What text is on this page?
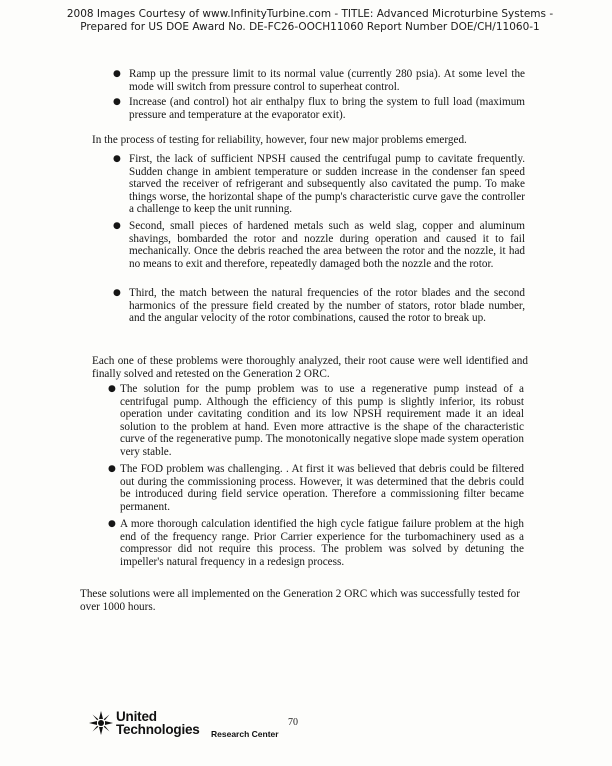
2008 Images Courtesy of www.InfinityTurbine.com - TITLE: Advanced Microturbine Systems -
Prepared for US DOE Award No. DE-FC26-OOCH11060 Report Number DOE/CH/11060-1
● Ramp up the pressure limit to its normal value (currently 280 psia). At some level the mode will switch from pressure control to superheat control.
● Increase (and control) hot air enthalpy flux to bring the system to full load (maximum pressure and temperature at the evaporator exit).
In the process of testing for reliability, however, four new major problems emerged.
● First, the lack of sufficient NPSH caused the centrifugal pump to cavitate frequently. Sudden change in ambient temperature or sudden increase in the condenser fan speed starved the receiver of refrigerant and subsequently also cavitated the pump. To make things worse, the horizontal shape of the pump's characteristic curve gave the controller a challenge to keep the unit running.
● Second, small pieces of hardened metals such as weld slag, copper and aluminum shavings, bombarded the rotor and nozzle during operation and caused it to fail mechanically. Once the debris reached the area between the rotor and the nozzle, it had no means to exit and therefore, repeatedly damaged both the nozzle and the rotor.
● Third, the match between the natural frequencies of the rotor blades and the second harmonics of the pressure field created by the number of stators, rotor blade number, and the angular velocity of the rotor combinations, caused the rotor to break up.
Each one of these problems were thoroughly analyzed, their root cause were well identified and finally solved and retested on the Generation 2 ORC.
● The solution for the pump problem was to use a regenerative pump instead of a centrifugal pump. Although the efficiency of this pump is slightly inferior, its robust operation under cavitating condition and its low NPSH requirement made it an ideal solution to the problem at hand. Even more attractive is the shape of the characteristic curve of the regenerative pump. The monotonically negative slope made system operation very stable.
● The FOD problem was challenging. . At first it was believed that debris could be filtered out during the commissioning process. However, it was determined that the debris could be introduced during field service operation. Therefore a commissioning filter became permanent.
● A more thorough calculation identified the high cycle fatigue failure problem at the high end of the frequency range. Prior Carrier experience for the turbomachinery used as a compressor did not require this process. The problem was solved by detuning the impeller's natural frequency in a redesign process.
These solutions were all implemented on the Generation 2 ORC which was successfully tested for over 1000 hours.
United
Technologies	70
Research Center
